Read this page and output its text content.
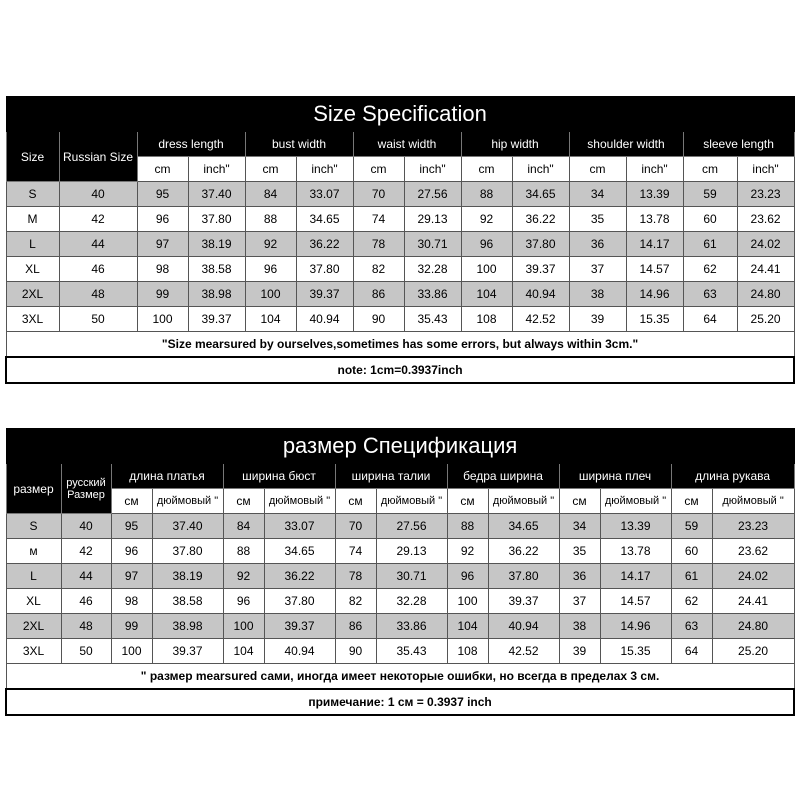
Size Specification													
Size	Russian Size	dress length		bust width		waist width		hip width		shoulder width		sleeve length	
		cm	inch"	cm	inch"	cm	inch"	cm	inch"	cm	inch"	cm	inch"
S	40	95	37.40	84	33.07	70	27.56	88	34.65	34	13.39	59	23.23
M	42	96	37.80	88	34.65	74	29.13	92	36.22	35	13.78	60	23.62
L	44	97	38.19	92	36.22	78	30.71	96	37.80	36	14.17	61	24.02
XL	46	98	38.58	96	37.80	82	32.28	100	39.37	37	14.57	62	24.41
2XL	48	99	38.98	100	39.37	86	33.86	104	40.94	38	14.96	63	24.80
3XL	50	100	39.37	104	40.94	90	35.43	108	42.52	39	15.35	64	25.20
"Size mearsured by ourselves,sometimes has some errors, but always within 3cm."													
note: 1cm=0.3937inch													
размер Спецификация													
размер	русский Размер	длина платья		ширина бюст		ширина талии		бедра ширина		ширина плеч		длина рукава	
		см	дюймовый "	см	дюймовый "	см	дюймовый "	см	дюймовый "	см	дюймовый "	см	дюймовый "
S	40	95	37.40	84	33.07	70	27.56	88	34.65	34	13.39	59	23.23
м	42	96	37.80	88	34.65	74	29.13	92	36.22	35	13.78	60	23.62
L	44	97	38.19	92	36.22	78	30.71	96	37.80	36	14.17	61	24.02
XL	46	98	38.58	96	37.80	82	32.28	100	39.37	37	14.57	62	24.41
2XL	48	99	38.98	100	39.37	86	33.86	104	40.94	38	14.96	63	24.80
3XL	50	100	39.37	104	40.94	90	35.43	108	42.52	39	15.35	64	25.20
" размер mearsured сами, иногда имеет некоторые ошибки, но всегда в пределах 3 см.													
примечание: 1 см = 0.3937 inch													
